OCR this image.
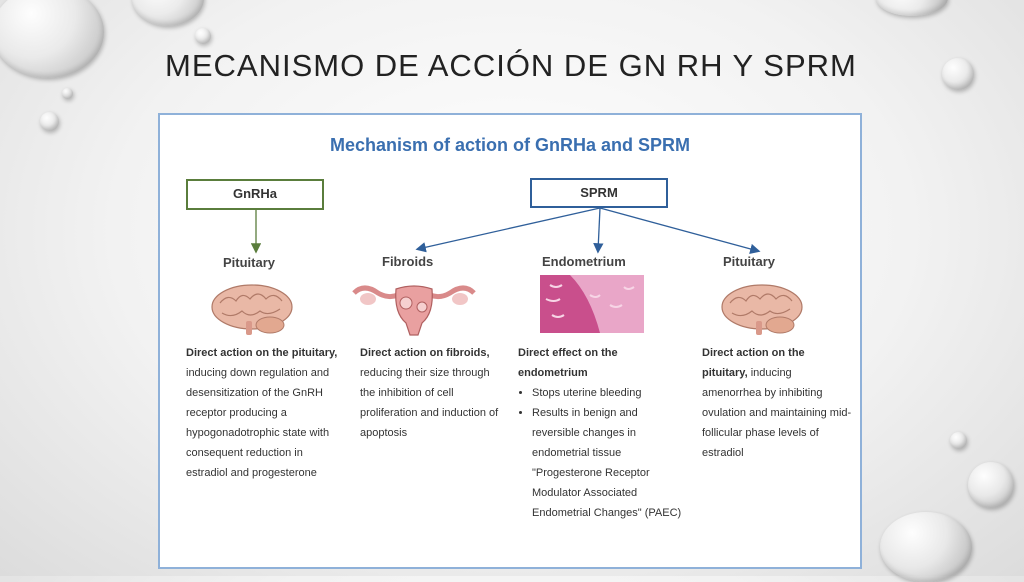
MECANISMO DE ACCIÓN DE GN RH Y SPRM
Mechanism of action of GnRHa and SPRM
GnRHa	SPRM
Pituitary	Fibroids	Endometrium	Pituitary
Direct action on the pituitary, inducing down regulation and desensitization of the GnRH receptor producing a hypogonadotrophic state with consequent reduction in estradiol and progesterone
Direct action on fibroids, reducing their size through the inhibition of cell proliferation and induction of apoptosis
Direct effect on the endometrium
• Stops uterine bleeding
• Results in benign and reversible changes in endometrial tissue "Progesterone Receptor Modulator Associated Endometrial Changes" (PAEC)
Direct action on the pituitary, inducing amenorrhea by inhibiting ovulation and maintaining mid-follicular phase levels of estradiol
